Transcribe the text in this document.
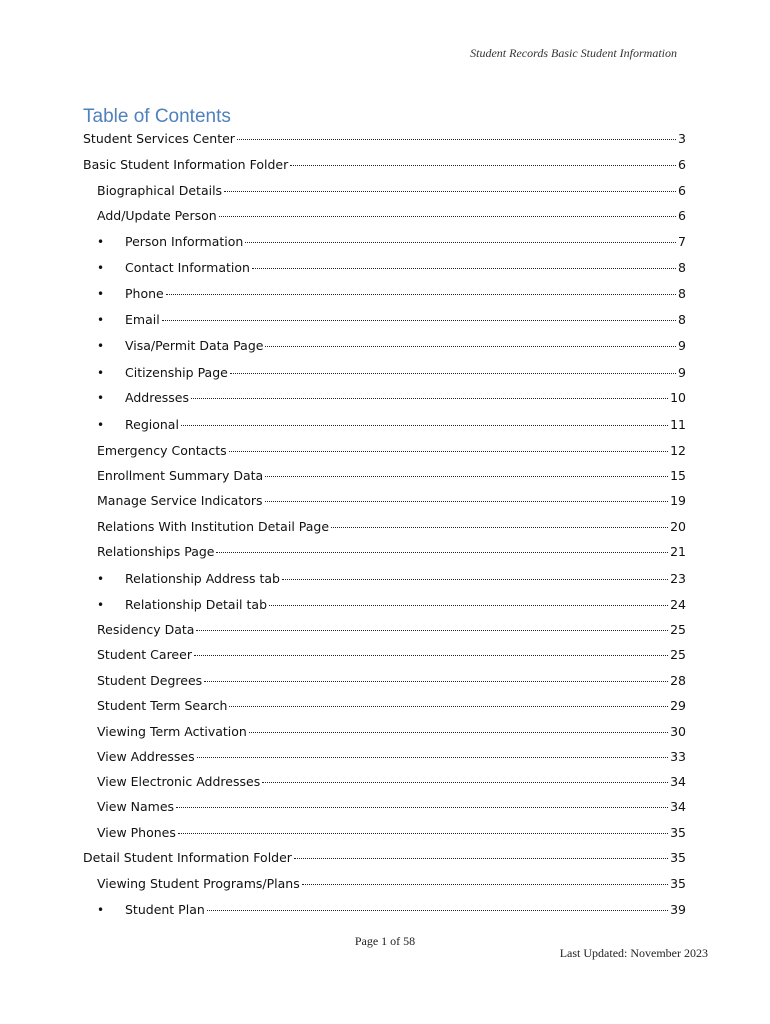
Student Records Basic Student Information
Table of Contents
Student Services Center	3
Basic Student Information Folder	6
Biographical Details	6
Add/Update Person	6
•	Person Information	7
•	Contact Information	8
•	Phone	8
•	Email	8
•	Visa/Permit Data Page	9
•	Citizenship Page	9
•	Addresses	10
•	Regional	11
Emergency Contacts	12
Enrollment Summary Data	15
Manage Service Indicators	19
Relations With Institution Detail Page	20
Relationships Page	21
•	Relationship Address tab	23
•	Relationship Detail tab	24
Residency Data	25
Student Career	25
Student Degrees	28
Student Term Search	29
Viewing Term Activation	30
View Addresses	33
View Electronic Addresses	34
View Names	34
View Phones	35
Detail Student Information Folder	35
Viewing Student Programs/Plans	35
•	Student Plan	39
Page 1 of 58
Last Updated: November 2023
